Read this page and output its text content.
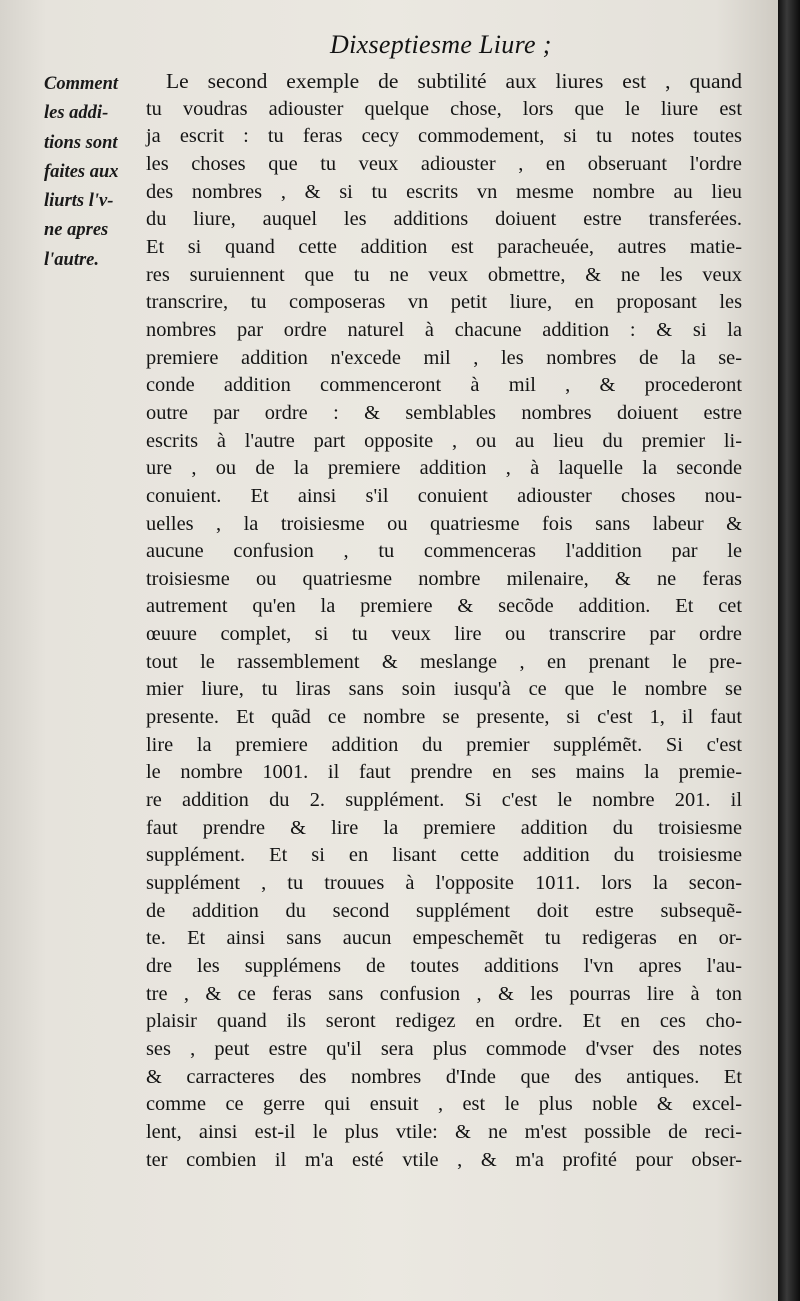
Dixseptiesme Liure ;
Comment
les addi-
tions sont
faites aux
liurts l'v-
ne apres
l'autre.
Le second exemple de subtilité aux liures est , quand
tu voudras adiouster quelque chose, lors que le liure est
ja escrit : tu feras cecy commodement, si tu notes toutes
les choses que tu veux adiouster , en obseruant l'ordre
des nombres , & si tu escrits vn mesme nombre au lieu
du liure, auquel les additions doiuent estre transferées.
Et si quand cette addition est paracheuée, autres matie-
res suruiennent que tu ne veux obmettre, & ne les veux
transcrire, tu composeras vn petit liure, en proposant les
nombres par ordre naturel à chacune addition : & si la
premiere addition n'excede mil , les nombres de la se-
conde addition commenceront à mil , & procederont
outre par ordre : & semblables nombres doiuent estre
escrits à l'autre part opposite , ou au lieu du premier li-
ure , ou de la premiere addition , à laquelle la seconde
conuient. Et ainsi s'il conuient adiouster choses nou-
uelles , la troisiesme ou quatriesme fois sans labeur &
aucune confusion , tu commenceras l'addition par le
troisiesme ou quatriesme nombre milenaire, & ne feras
autrement qu'en la premiere & secõde addition. Et cet
œuure complet, si tu veux lire ou transcrire par ordre
tout le rassemblement & meslange , en prenant le pre-
mier liure, tu liras sans soin iusqu'à ce que le nombre se
presente. Et quãd ce nombre se presente, si c'est 1, il faut
lire la premiere addition du premier supplémẽt. Si c'est
le nombre 1001. il faut prendre en ses mains la premie-
re addition du 2. supplément. Si c'est le nombre 201. il
faut prendre & lire la premiere addition du troisiesme
supplément. Et si en lisant cette addition du troisiesme
supplément , tu trouues à l'opposite 1011. lors la secon-
de addition du second supplément doit estre subsequẽ-
te. Et ainsi sans aucun empeschemẽt tu redigeras en or-
dre les supplémens de toutes additions l'vn apres l'au-
tre , & ce feras sans confusion , & les pourras lire à ton
plaisir quand ils seront redigez en ordre. Et en ces cho-
ses , peut estre qu'il sera plus commode d'vser des notes
& carracteres des nombres d'Inde que des antiques. Et
comme ce gerre qui ensuit , est le plus noble & excel-
lent, ainsi est-il le plus vtile: & ne m'est possible de reci-
ter combien il m'a esté vtile , & m'a profité pour obser-
